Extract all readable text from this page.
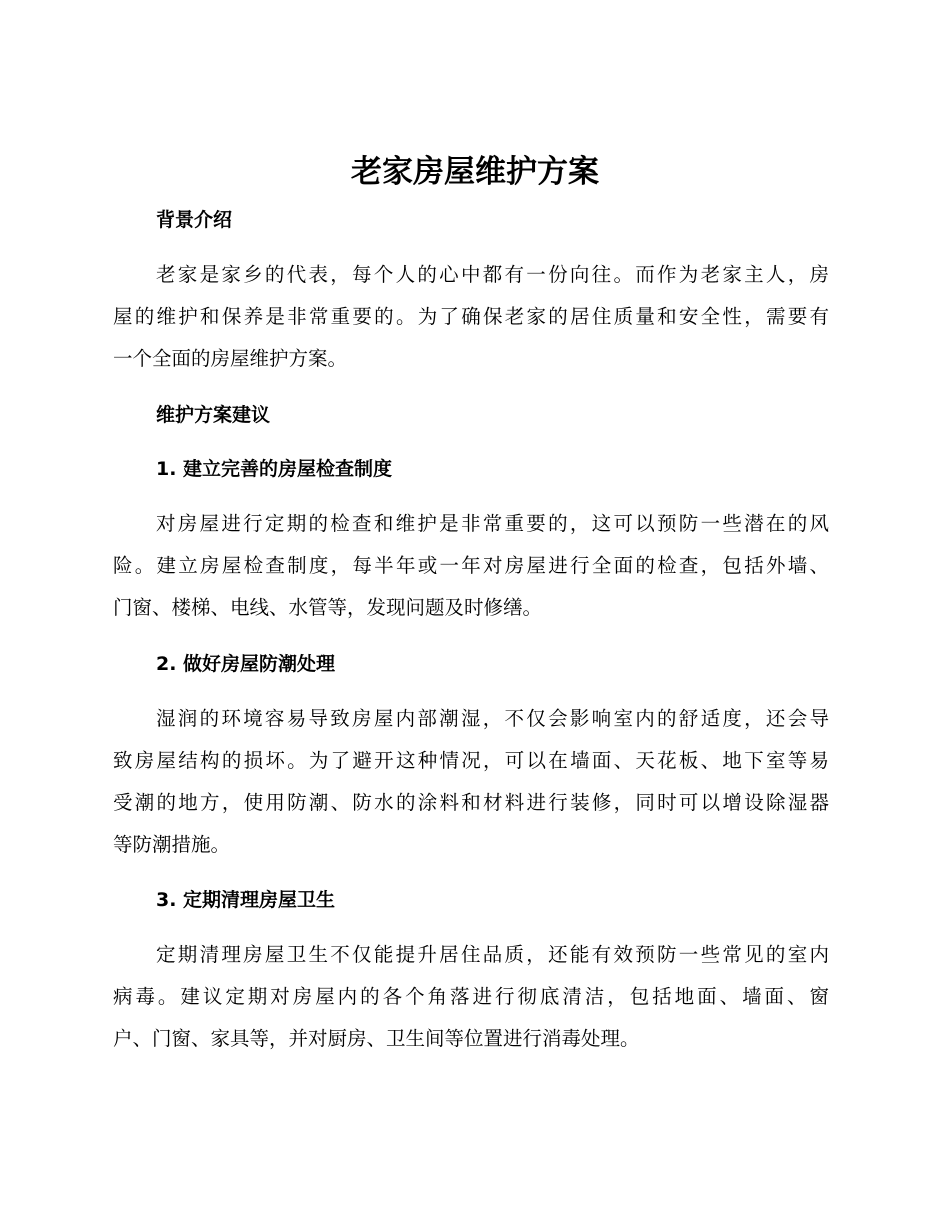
老家房屋维护方案
背景介绍

老家是家乡的代表，每个人的心中都有一份向往。而作为老家主人，房
屋的维护和保养是非常重要的。为了确保老家的居住质量和安全性，需要有
一个全面的房屋维护方案。

维护方案建议
1. 建立完善的房屋检查制度

对房屋进行定期的检查和维护是非常重要的，这可以预防一些潜在的风
险。建立房屋检查制度，每半年或一年对房屋进行全面的检查，包括外墙、
门窗、楼梯、电线、水管等，发现问题及时修缮。

2. 做好房屋防潮处理

湿润的环境容易导致房屋内部潮湿，不仅会影响室内的舒适度，还会导
致房屋结构的损坏。为了避开这种情况，可以在墙面、天花板、地下室等易
受潮的地方，使用防潮、防水的涂料和材料进行装修，同时可以增设除湿器
等防潮措施。

3. 定期清理房屋卫生

定期清理房屋卫生不仅能提升居住品质，还能有效预防一些常见的室内
病毒。建议定期对房屋内的各个角落进行彻底清洁，包括地面、墙面、窗
户、门窗、家具等，并对厨房、卫生间等位置进行消毒处理。
